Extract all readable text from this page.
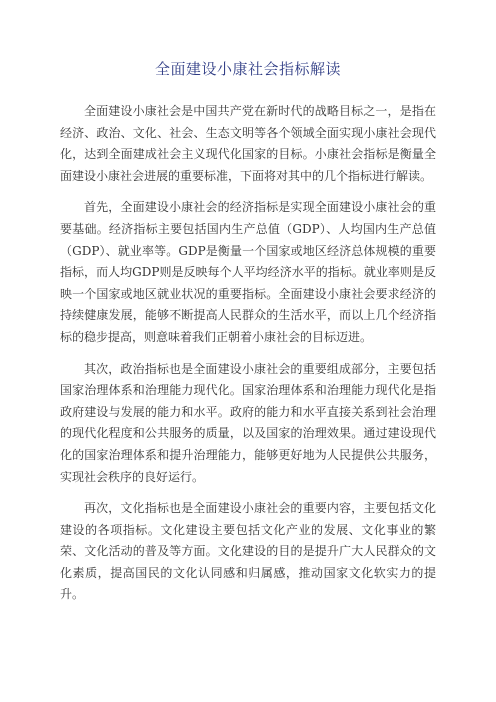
全面建设小康社会指标解读

全面建设小康社会是中国共产党在新时代的战略目标之一，是指在经济、政治、文化、社会、生态文明等各个领域全面实现小康社会现代化，达到全面建成社会主义现代化国家的目标。小康社会指标是衡量全面建设小康社会进展的重要标准，下面将对其中的几个指标进行解读。

首先，全面建设小康社会的经济指标是实现全面建设小康社会的重要基础。经济指标主要包括国内生产总值（GDP）、人均国内生产总值（GDP）、就业率等。GDP是衡量一个国家或地区经济总体规模的重要指标，而人均GDP则是反映每个人平均经济水平的指标。就业率则是反映一个国家或地区就业状况的重要指标。全面建设小康社会要求经济的持续健康发展，能够不断提高人民群众的生活水平，而以上几个经济指标的稳步提高，则意味着我们正朝着小康社会的目标迈进。

其次，政治指标也是全面建设小康社会的重要组成部分，主要包括国家治理体系和治理能力现代化。国家治理体系和治理能力现代化是指政府建设与发展的能力和水平。政府的能力和水平直接关系到社会治理的现代化程度和公共服务的质量，以及国家的治理效果。通过建设现代化的国家治理体系和提升治理能力，能够更好地为人民提供公共服务，实现社会秩序的良好运行。

再次，文化指标也是全面建设小康社会的重要内容，主要包括文化建设的各项指标。文化建设主要包括文化产业的发展、文化事业的繁荣、文化活动的普及等方面。文化建设的目的是提升广大人民群众的文化素质，提高国民的文化认同感和归属感，推动国家文化软实力的提升。
